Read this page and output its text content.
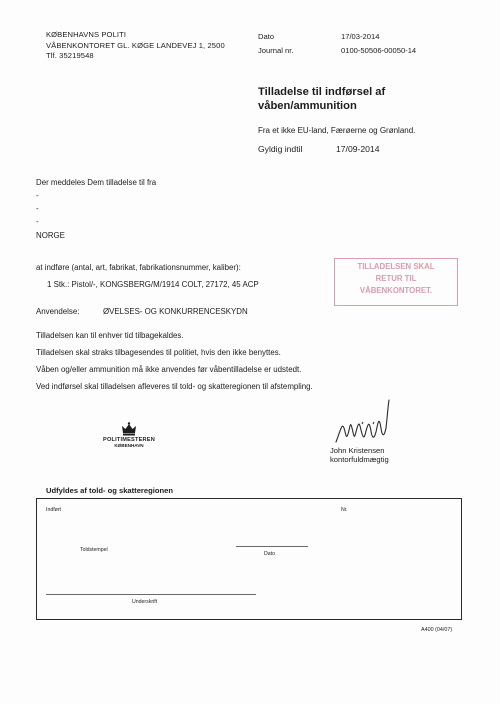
KØBENHAVNS POLITI
VÅBENKONTORET GL. KØGE LANDEVEJ 1, 2500
Tlf. 35219548
Dato	17/03-2014
Journal nr.	0100-50506-00050-14
Tilladelse til indførsel af våben/ammunition
Fra et ikke EU-land, Færøerne og Grønland.
Gyldig indtil	17/09-2014
Der meddeles Dem tilladelse til fra
-
-
-
NORGE
at indføre (antal, art, fabrikat, fabrikationsnummer, kaliber):
1 Stk.: Pistol/-, KONGSBERG/M/1914 COLT, 27172, 45 ACP
Anvendelse:	ØVELSES- OG KONKURRENCESKYDN
Tilladelsen kan til enhver tid tilbagekaldes.
Tilladelsen skal straks tilbagesendes til politiet, hvis den ikke benyttes.
Våben og/eller ammunition må ikke anvendes før våbentilladelse er udstedt.
Ved indførsel skal tilladelsen afleveres til told- og skatteregionen til afstempling.
TILLADELSEN SKAL
RETUR TIL
VÅBENKONTORET.
POLITIMESTEREN
KØBENHAVN
John Kristensen
kontorfuldmægtig
Udfyldes af told- og skatteregionen
Indført	Nr.
Toldstempel
Dato
Underskrift
A400 (04/07)
